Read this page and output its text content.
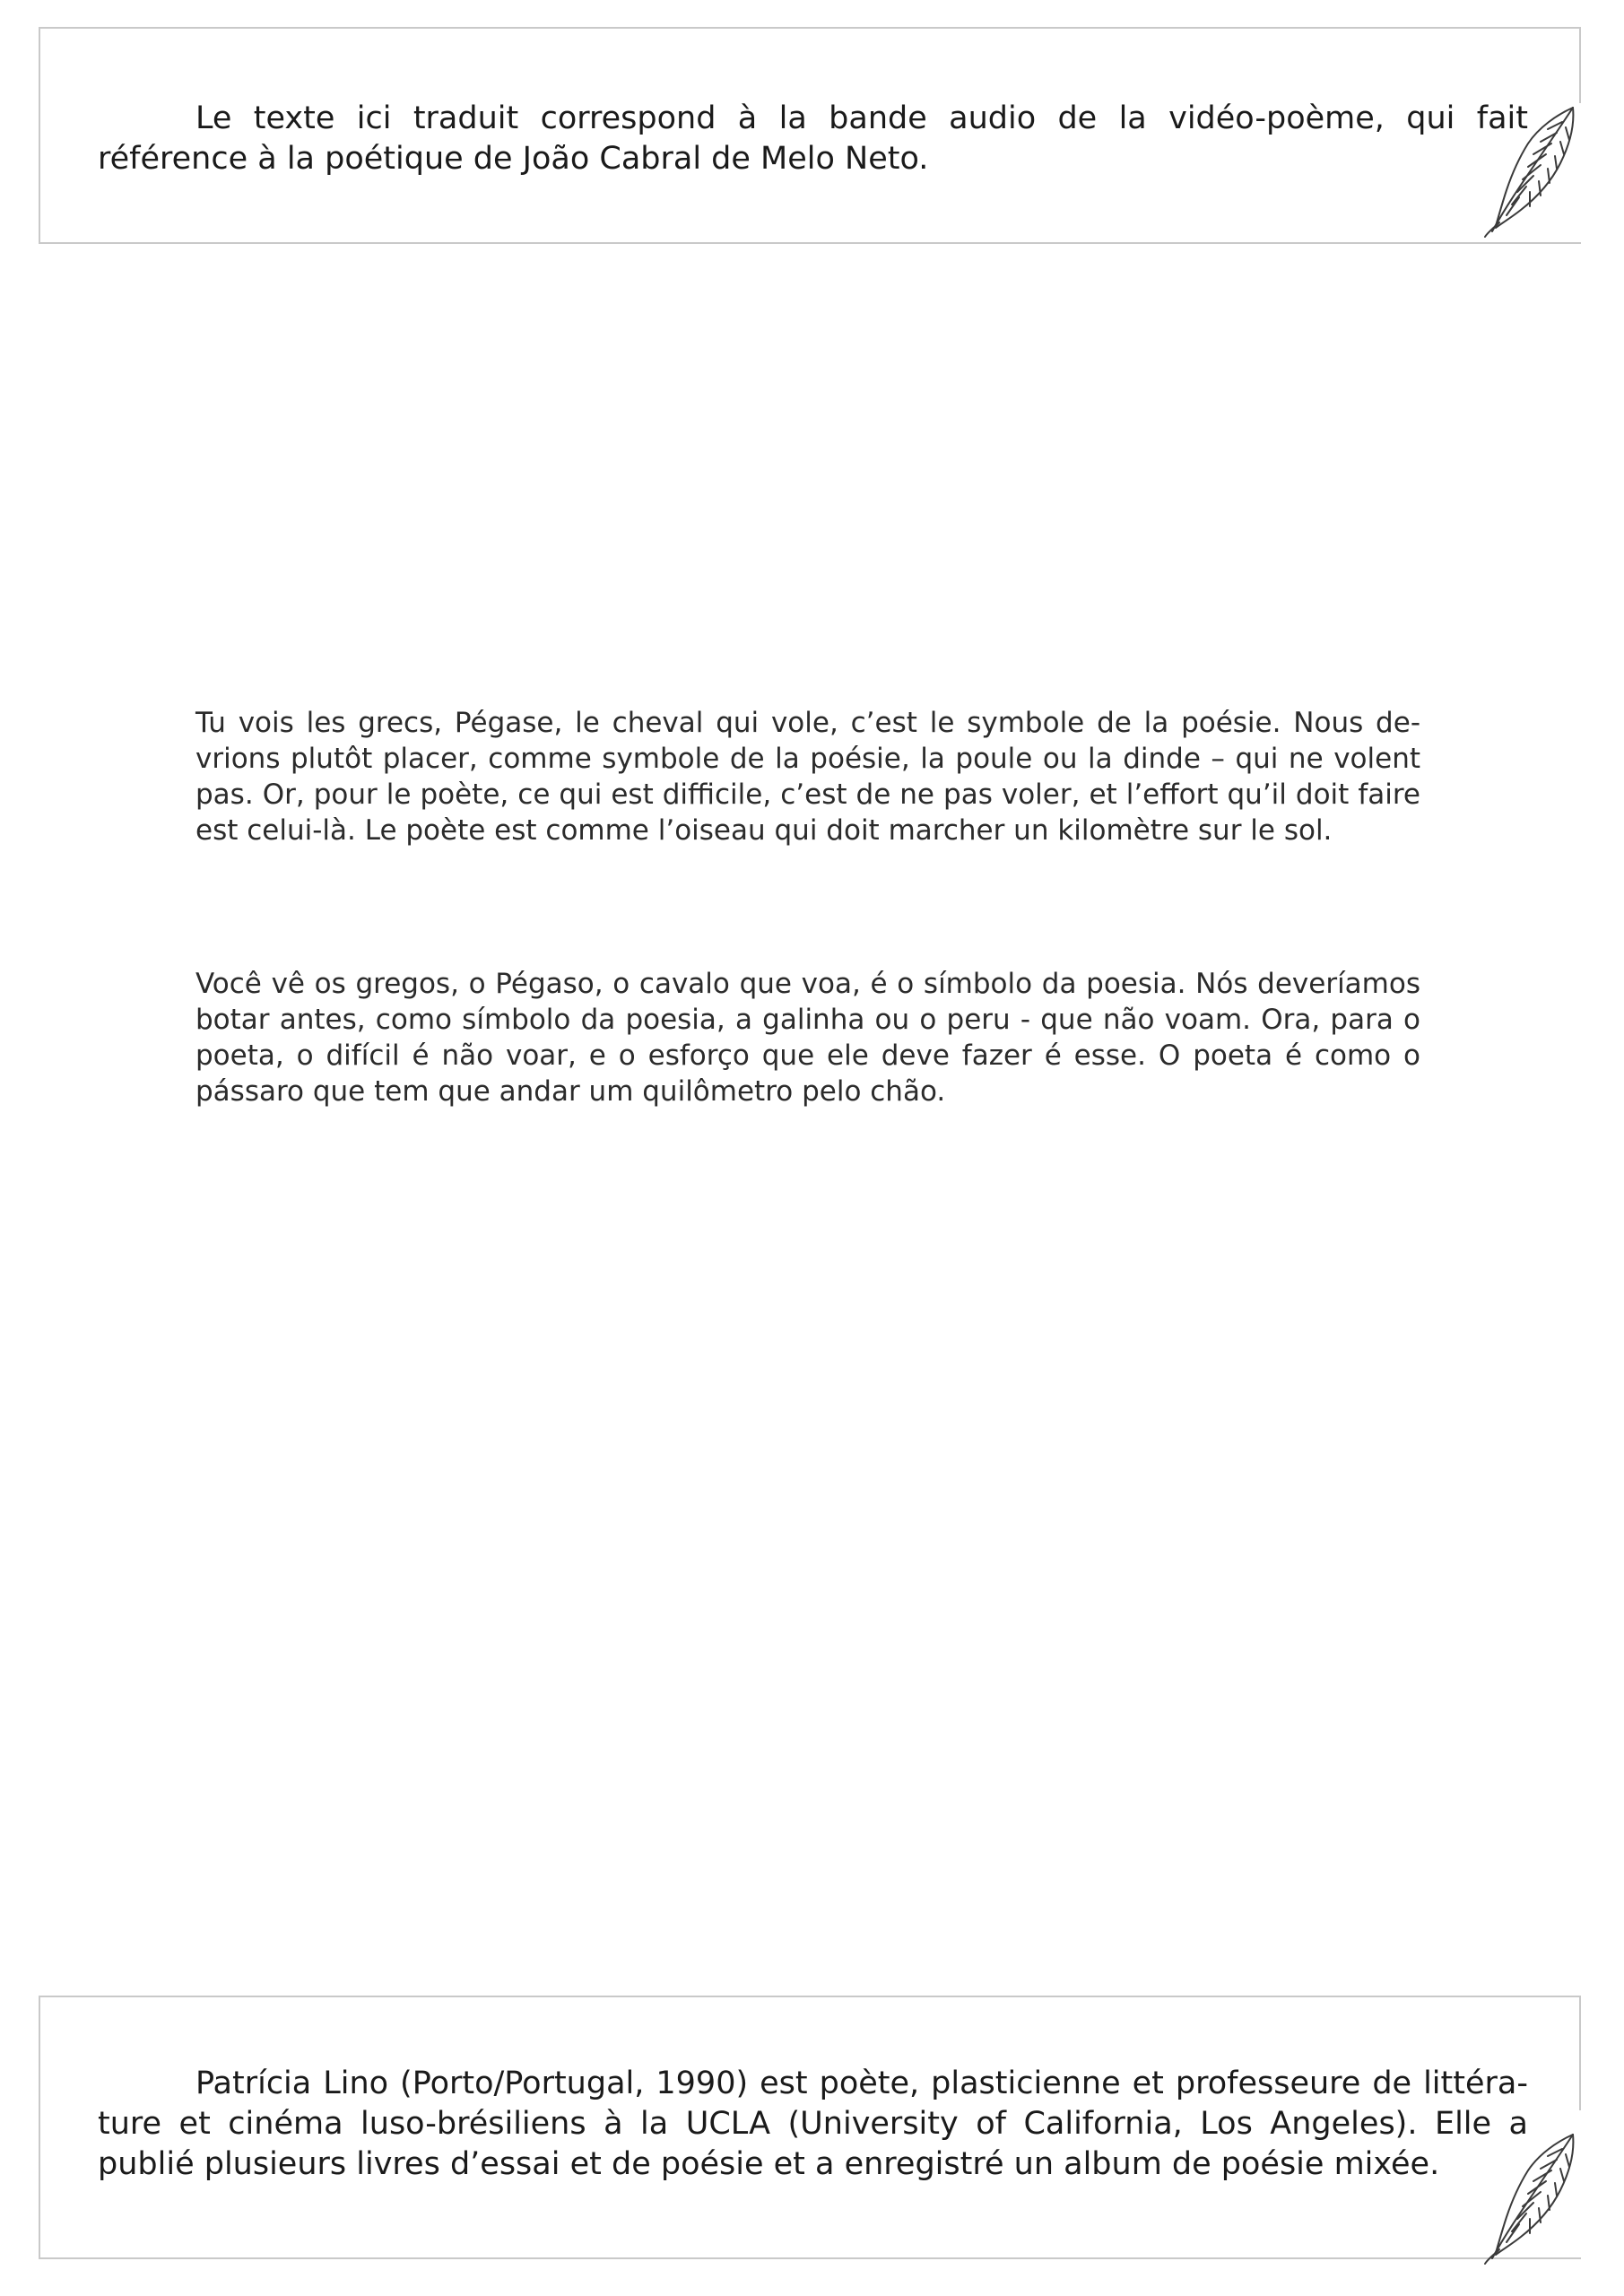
Le texte ici traduit correspond à la bande audio de la vidéo-poème, qui fait référence à la poétique de João Cabral de Melo Neto.

Tu vois les grecs, Pégase, le cheval qui vole, c’est le symbole de la poésie. Nous devrions plutôt placer, comme symbole de la poésie, la poule ou la dinde – qui ne volent pas. Or, pour le poète, ce qui est difficile, c’est de ne pas voler, et l’effort qu’il doit faire est celui-là. Le poète est comme l’oiseau qui doit marcher un kilomètre sur le sol.

Você vê os gregos, o Pégaso, o cavalo que voa, é o símbolo da poesia. Nós deveríamos botar antes, como símbolo da poesia, a galinha ou o peru - que não voam. Ora, para o poeta, o difícil é não voar, e o esforço que ele deve fazer é esse. O poeta é como o pássaro que tem que andar um quilômetro pelo chão.

Patrícia Lino (Porto/Portugal, 1990) est poète, plasticienne et professeure de littérature et cinéma luso-brésiliens à la UCLA (University of California, Los Angeles). Elle a publié plusieurs livres d’essai et de poésie et a enregistré un album de poésie mixée.
